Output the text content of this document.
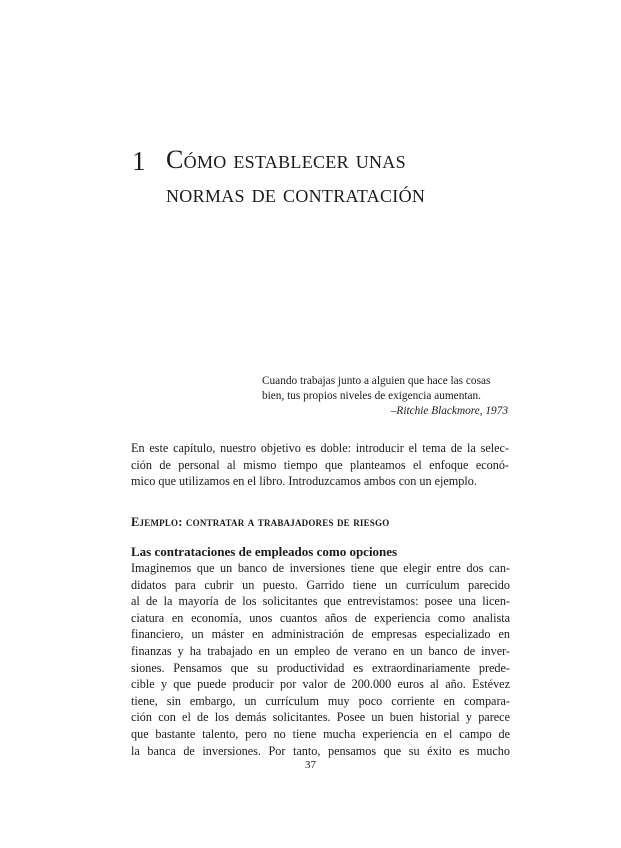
1 Cómo establecer unas
normas de contratación
Cuando trabajas junto a alguien que hace las cosas
bien, tus propios niveles de exigencia aumentan.
–Ritchie Blackmore, 1973
En este capítulo, nuestro objetivo es doble: introducir el tema de la selec-
ción de personal al mismo tiempo que planteamos el enfoque econó-
mico que utilizamos en el libro. Introduzcamos ambos con un ejemplo.
Ejemplo: contratar a trabajadores de riesgo
Las contrataciones de empleados como opciones
Imaginemos que un banco de inversiones tiene que elegir entre dos can-
didatos para cubrir un puesto. Garrido tiene un currículum parecido
al de la mayoría de los solicitantes que entrevistamos: posee una licen-
ciatura en economía, unos cuantos años de experiencia como analista
financiero, un máster en administración de empresas especializado en
finanzas y ha trabajado en un empleo de verano en un banco de inver-
siones. Pensamos que su productividad es extraordinariamente prede-
cible y que puede producir por valor de 200.000 euros al año. Estévez
tiene, sin embargo, un currículum muy poco corriente en compara-
ción con el de los demás solicitantes. Posee un buen historial y parece
que bastante talento, pero no tiene mucha experiencia en el campo de
la banca de inversiones. Por tanto, pensamos que su éxito es mucho
37
